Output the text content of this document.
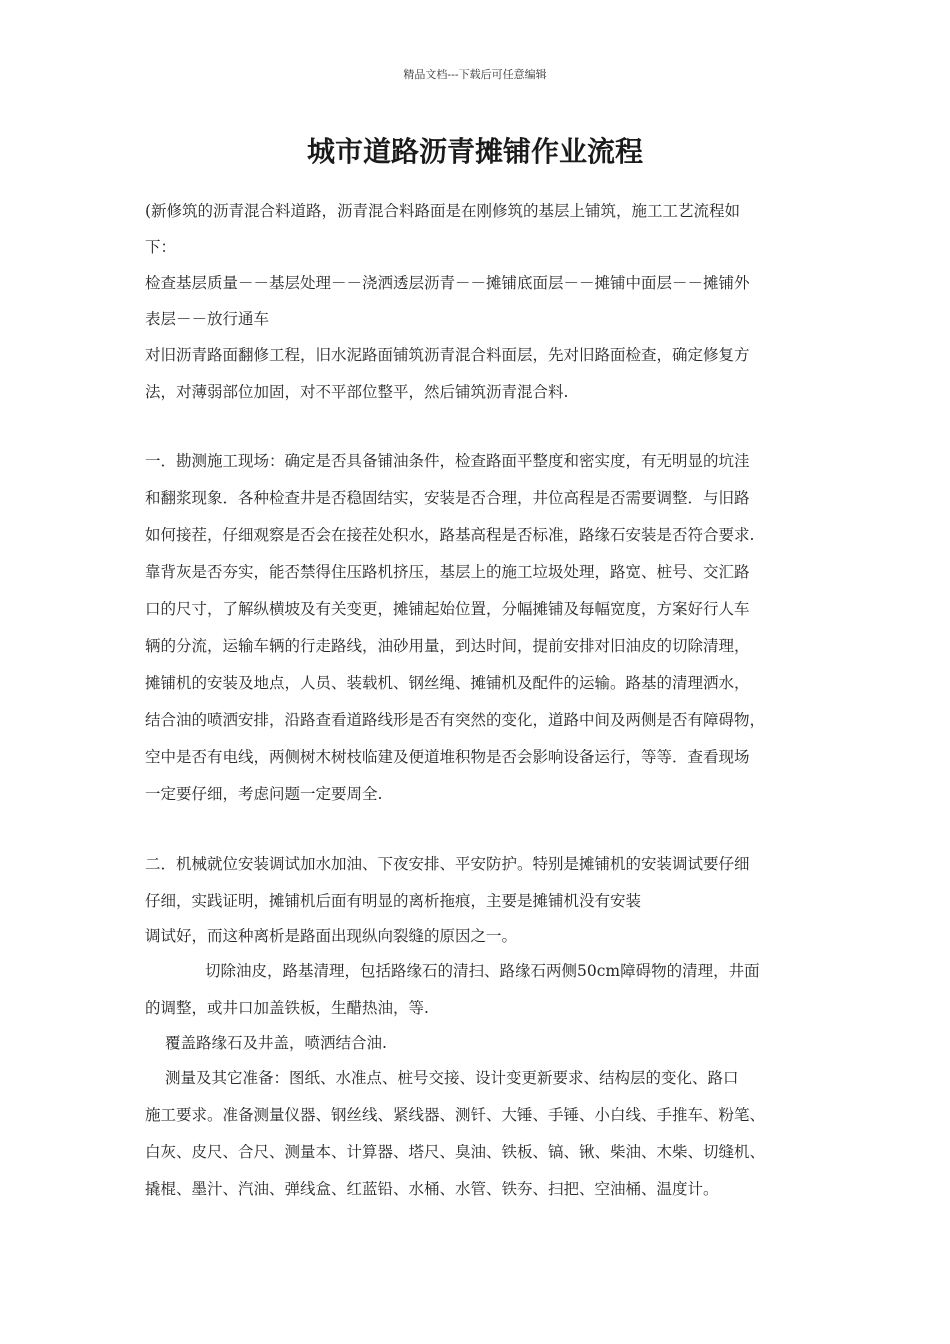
精品文档---下载后可任意编辑
城市道路沥青摊铺作业流程
(新修筑的沥青混合料道路，沥青混合料路面是在刚修筑的基层上铺筑，施工工艺流程如
下：
检查基层质量－－基层处理－－浇洒透层沥青－－摊铺底面层－－摊铺中面层－－摊铺外
表层－－放行通车
对旧沥青路面翻修工程，旧水泥路面铺筑沥青混合料面层，先对旧路面检查，确定修复方
法，对薄弱部位加固，对不平部位整平，然后铺筑沥青混合料.
一．勘测施工现场：确定是否具备铺油条件，检查路面平整度和密实度，有无明显的坑洼
和翻浆现象．各种检查井是否稳固结实，安装是否合理，井位高程是否需要调整．与旧路
如何接茬，仔细观察是否会在接茬处积水，路基高程是否标准，路缘石安装是否符合要求.
靠背灰是否夯实，能否禁得住压路机挤压，基层上的施工垃圾处理，路宽、桩号、交汇路
口的尺寸，了解纵横坡及有关变更，摊铺起始位置，分幅摊铺及每幅宽度，方案好行人车
辆的分流，运输车辆的行走路线，油砂用量，到达时间，提前安排对旧油皮的切除清理，
摊铺机的安装及地点，人员、装载机、钢丝绳、摊铺机及配件的运输。路基的清理洒水，
结合油的喷洒安排，沿路查看道路线形是否有突然的变化，道路中间及两侧是否有障碍物，
空中是否有电线，两侧树木树枝临建及便道堆积物是否会影响设备运行，等等．查看现场
一定要仔细，考虑问题一定要周全.
二．机械就位安装调试加水加油、下夜安排、平安防护。特别是摊铺机的安装调试要仔细
仔细，实践证明，摊铺机后面有明显的离析拖痕，主要是摊铺机没有安装
调试好，而这种离析是路面出现纵向裂缝的原因之一。
切除油皮，路基清理，包括路缘石的清扫、路缘石两侧50cm障碍物的清理，井面
的调整，或井口加盖铁板，生醋热油，等.
覆盖路缘石及井盖，喷洒结合油.
测量及其它准备：图纸、水准点、桩号交接、设计变更新要求、结构层的变化、路口
施工要求。准备测量仪器、钢丝线、紧线器、测钎、大锤、手锤、小白线、手推车、粉笔、
白灰、皮尺、合尺、测量本、计算器、塔尺、臭油、铁板、镐、锹、柴油、木柴、切缝机、
撬棍、墨汁、汽油、弹线盒、红蓝铅、水桶、水管、铁夯、扫把、空油桶、温度计。
